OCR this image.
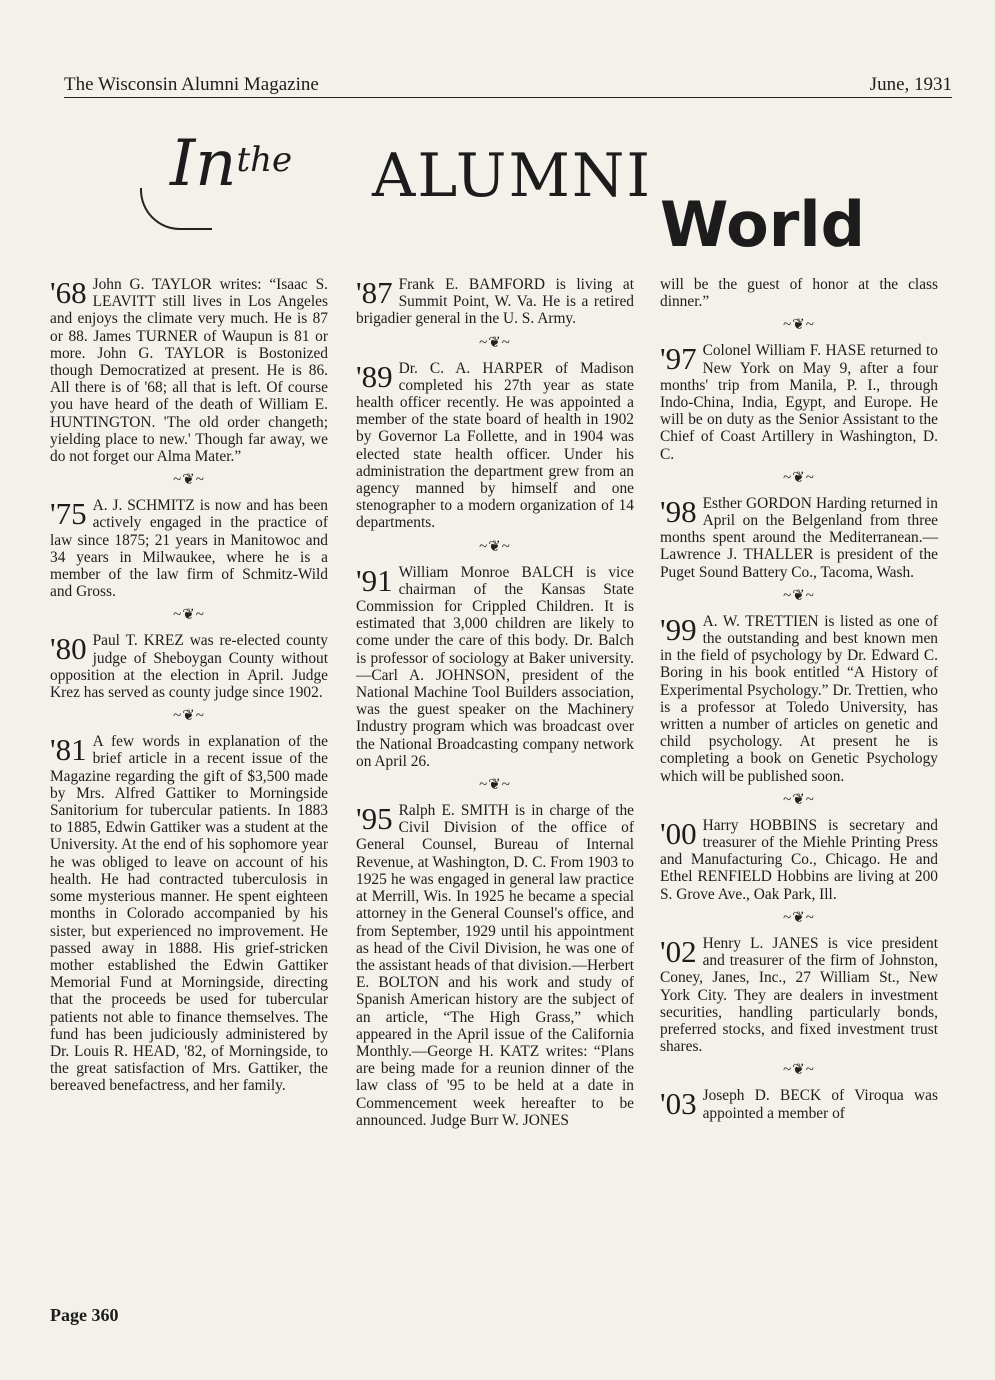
The Wisconsin Alumni Magazine	June, 1931
$In^{the}$ ALUMNI
World
'68 John G. TAYLOR writes: “Isaac S. LEAVITT still lives in Los Angeles and enjoys the climate very much. He is 87 or 88. James TURNER of Waupun is 81 or more. John G. TAYLOR is Bostonized though Democratized at present. He is 86. All there is of '68; all that is left. Of course you have heard of the death of William E. HUNTINGTON. 'The old order changeth; yielding place to new.' Though far away, we do not forget our Alma Mater.”

~❦~
'75 A. J. SCHMITZ is now and has been actively engaged in the practice of law since 1875; 21 years in Manitowoc and 34 years in Milwaukee, where he is a member of the law firm of Schmitz-Wild and Gross.

~❦~
'80 Paul T. KREZ was re-elected county judge of Sheboygan County without opposition at the election in April. Judge Krez has served as county judge since 1902.

~❦~
'81 A few words in explanation of the brief article in a recent issue of the Magazine regarding the gift of $3,500 made by Mrs. Alfred Gattiker to Morningside Sanitorium for tubercular patients. In 1883 to 1885, Edwin Gattiker was a student at the University. At the end of his sophomore year he was obliged to leave on account of his health. He had contracted tuberculosis in some mysterious manner. He spent eighteen months in Colorado accompanied by his sister, but experienced no improvement. He passed away in 1888. His grief-stricken mother established the Edwin Gattiker Memorial Fund at Morningside, directing that the proceeds be used for tubercular patients not able to finance themselves. The fund has been judiciously administered by Dr. Louis R. HEAD, '82, of Morningside, to the great satisfaction of Mrs. Gattiker, the bereaved benefactress, and her family.

'87 Frank E. BAMFORD is living at Summit Point, W. Va. He is a retired brigadier general in the U. S. Army.

~❦~
'89 Dr. C. A. HARPER of Madison completed his 27th year as state health officer recently. He was appointed a member of the state board of health in 1902 by Governor La Follette, and in 1904 was elected state health officer. Under his administration the department grew from an agency manned by himself and one stenographer to a modern organization of 14 departments.

~❦~
'91 William Monroe BALCH is vice chairman of the Kansas State Commission for Crippled Children. It is estimated that 3,000 children are likely to come under the care of this body. Dr. Balch is professor of sociology at Baker university.—Carl A. JOHNSON, president of the National Machine Tool Builders association, was the guest speaker on the Machinery Industry program which was broadcast over the National Broadcasting company network on April 26.

~❦~
'95 Ralph E. SMITH is in charge of the Civil Division of the office of General Counsel, Bureau of Internal Revenue, at Washington, D. C. From 1903 to 1925 he was engaged in general law practice at Merrill, Wis. In 1925 he became a special attorney in the General Counsel's office, and from September, 1929 until his appointment as head of the Civil Division, he was one of the assistant heads of that division.—Herbert E. BOLTON and his work and study of Spanish American history are the subject of an article, “The High Grass,” which appeared in the April issue of the California Monthly.—George H. KATZ writes: “Plans are being made for a reunion dinner of the law class of '95 to be held at a date in Commencement week hereafter to be announced. Judge Burr W. JONES

will be the guest of honor at the class dinner.”

~❦~
'97 Colonel William F. HASE returned to New York on May 9, after a four months' trip from Manila, P. I., through Indo-China, India, Egypt, and Europe. He will be on duty as the Senior Assistant to the Chief of Coast Artillery in Washington, D. C.

~❦~
'98 Esther GORDON Harding returned in April on the Belgenland from three months spent around the Mediterranean.—Lawrence J. THALLER is president of the Puget Sound Battery Co., Tacoma, Wash.

~❦~
'99 A. W. TRETTIEN is listed as one of the outstanding and best known men in the field of psychology by Dr. Edward C. Boring in his book entitled “A History of Experimental Psychology.” Dr. Trettien, who is a professor at Toledo University, has written a number of articles on genetic and child psychology. At present he is completing a book on Genetic Psychology which will be published soon.

~❦~
'00 Harry HOBBINS is secretary and treasurer of the Miehle Printing Press and Manufacturing Co., Chicago. He and Ethel RENFIELD Hobbins are living at 200 S. Grove Ave., Oak Park, Ill.

~❦~
'02 Henry L. JANES is vice president and treasurer of the firm of Johnston, Coney, Janes, Inc., 27 William St., New York City. They are dealers in investment securities, handling particularly bonds, preferred stocks, and fixed investment trust shares.

~❦~
'03 Joseph D. BECK of Viroqua was appointed a member of

Page 360
